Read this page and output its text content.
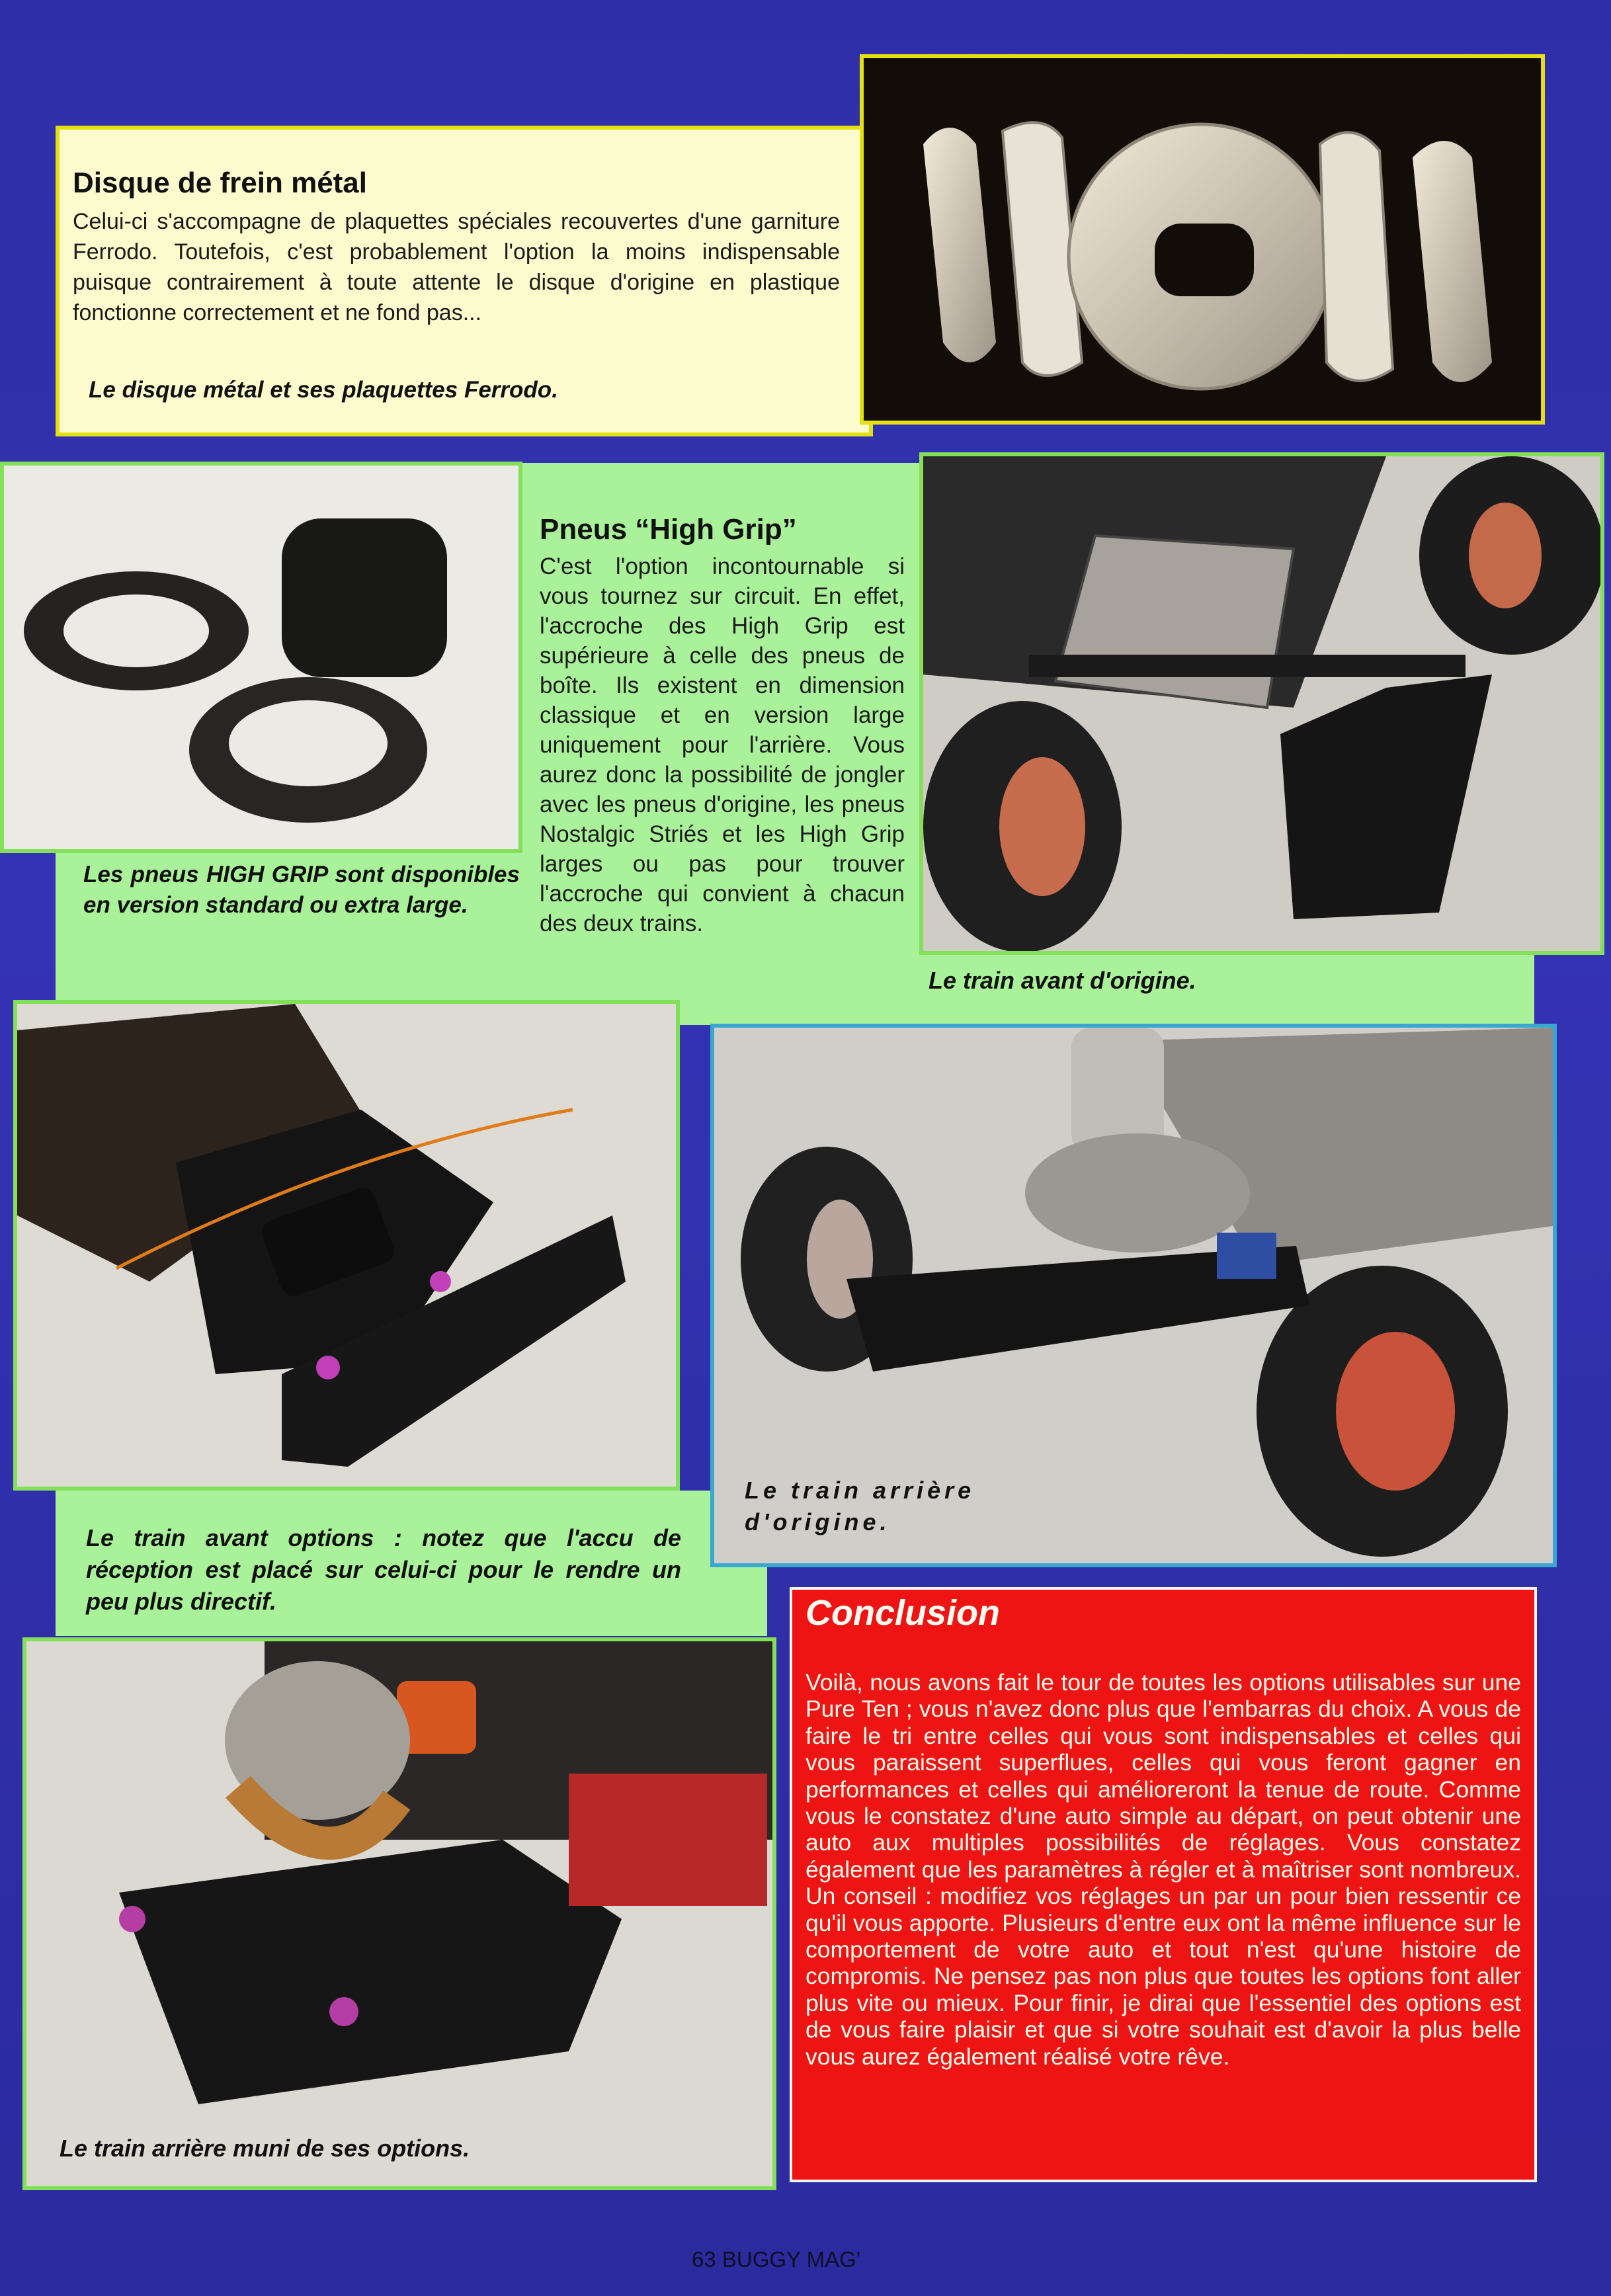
Disque de frein métal
Celui-ci s'accompagne de plaquettes spéciales recouvertes d'une garniture Ferrodo. Toutefois, c'est probablement l'option la moins indispensable puisque contrairement à toute attente le disque d'origine en plastique fonctionne correctement et ne fond pas...
Le disque métal et ses plaquettes Ferrodo.
Pneus “High Grip”
C'est l'option incontournable si vous tournez sur circuit. En effet, l'accroche des High Grip est supérieure à celle des pneus de boîte. Ils existent en dimension classique et en version large uniquement pour l'arrière. Vous aurez donc la possibilité de jongler avec les pneus d'origine, les pneus Nostalgic Striés et les High Grip larges ou pas pour trouver l'accroche qui convient à chacun des deux trains.
Les pneus HIGH GRIP sont disponibles en version standard ou extra large.
Le train avant d'origine.
Le train avant options : notez que l'accu de réception est placé sur celui-ci pour le rendre un peu plus directif.
Le train arrière d'origine.
Le train arrière muni de ses options.
Conclusion
Voilà, nous avons fait le tour de toutes les options utilisables sur une Pure Ten ; vous n'avez donc plus que l'embarras du choix. A vous de faire le tri entre celles qui vous sont indispensables et celles qui vous paraissent superflues, celles qui vous feront gagner en performances et celles qui amélioreront la tenue de route. Comme vous le constatez d'une auto simple au départ, on peut obtenir une auto aux multiples possibilités de réglages. Vous constatez également que les paramètres à régler et à maîtriser sont nombreux. Un conseil : modifiez vos réglages un par un pour bien ressentir ce qu'il vous apporte. Plusieurs d'entre eux ont la même influence sur le comportement de votre auto et tout n'est qu'une histoire de compromis. Ne pensez pas non plus que toutes les options font aller plus vite ou mieux. Pour finir, je dirai que l'essentiel des options est de vous faire plaisir et que si votre souhait est d'avoir la plus belle vous aurez également réalisé votre rêve.
63 BUGGY MAG'
